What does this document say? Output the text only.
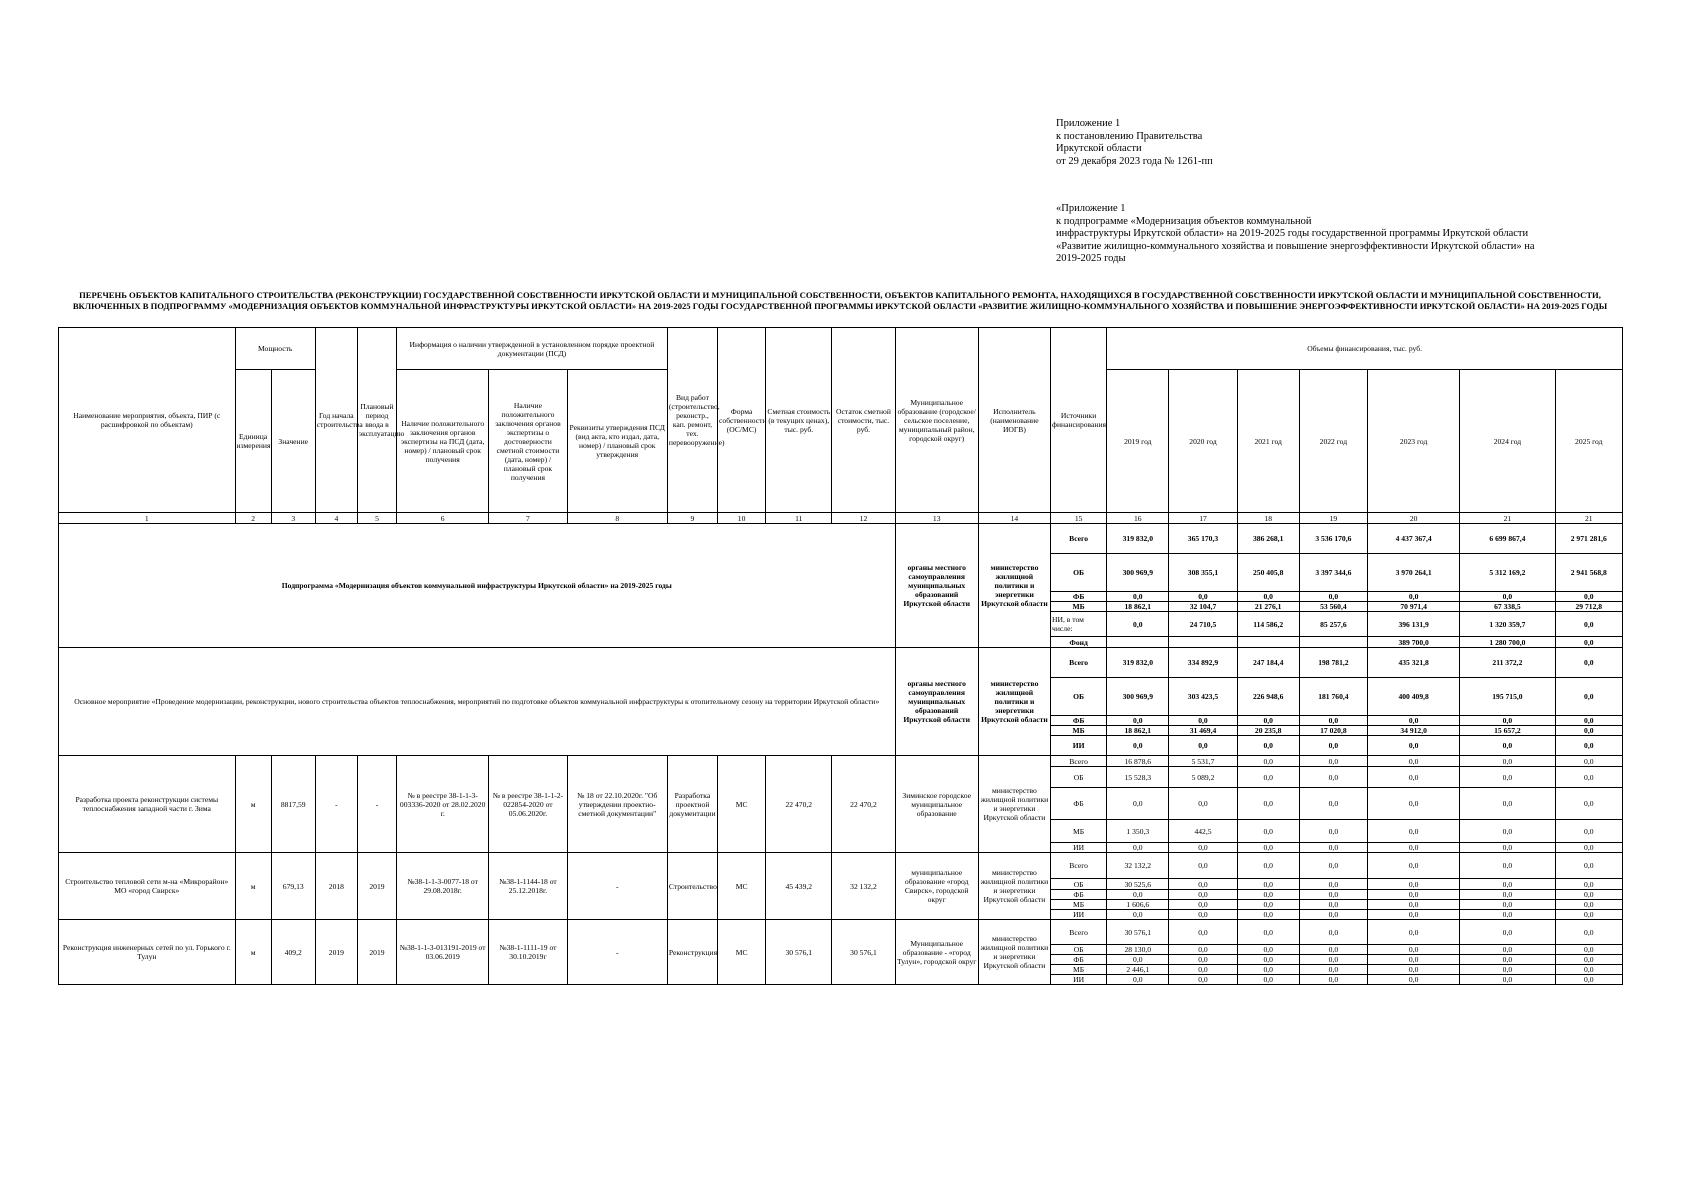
Приложение 1
к постановлению Правительства
Иркутской области
от 29 декабря 2023 года № 1261-пп
«Приложение 1
к подпрограмме «Модернизация объектов коммунальной
инфраструктуры Иркутской области» на 2019-2025 годы государственной программы Иркутской области
«Развитие жилищно-коммунального хозяйства и повышение энергоэффективности Иркутской области» на
2019-2025 годы
ПЕРЕЧЕНЬ ОБЪЕКТОВ КАПИТАЛЬНОГО СТРОИТЕЛЬСТВА (РЕКОНСТРУКЦИИ) ГОСУДАРСТВЕННОЙ СОБСТВЕННОСТИ ИРКУТСКОЙ ОБЛАСТИ И МУНИЦИПАЛЬНОЙ СОБСТВЕННОСТИ, ОБЪЕКТОВ КАПИТАЛЬНОГО РЕМОНТА, НАХОДЯЩИХСЯ В ГОСУДАРСТВЕННОЙ СОБСТВЕННОСТИ ИРКУТСКОЙ ОБЛАСТИ И МУНИЦИПАЛЬНОЙ СОБСТВЕННОСТИ, ВКЛЮЧЕННЫХ В ПОДПРОГРАММУ «МОДЕРНИЗАЦИЯ ОБЪЕКТОВ КОММУНАЛЬНОЙ ИНФРАСТРУКТУРЫ ИРКУТСКОЙ ОБЛАСТИ» НА 2019-2025 ГОДЫ ГОСУДАРСТВЕННОЙ ПРОГРАММЫ ИРКУТСКОЙ ОБЛАСТИ «РАЗВИТИЕ ЖИЛИЩНО-КОММУНАЛЬНОГО ХОЗЯЙСТВА И ПОВЫШЕНИЕ ЭНЕРГОЭФФЕКТИВНОСТИ ИРКУТСКОЙ ОБЛАСТИ» НА 2019-2025 ГОДЫ
Наименование мероприятия, объекта, ПИР (с расшифровкой по объектам)	Мощность		Год начала строительства	Плановый период ввода в эксплуатацию	Информация о наличии утвержденной в установленном порядке проектной документации (ПСД)			Вид работ (строительство, реконстр., кап. ремонт, тех. перевооружение)	Форма собственности (ОС/МС)	Сметная стоимость (в текущих ценах), тыс. руб.	Остаток сметной стоимости, тыс. руб.	Муниципальное образование (городское/сельское поселение, муниципальный район, городской округ)	Исполнитель (наименование ИОГВ)	Источники финансирования	Объемы финансирования, тыс. руб.						
	Единица измерения	Значение			Наличие положительного заключения органов экспертизы на ПСД (дата, номер) / плановый срок получения	Наличие положительного заключения органов экспертизы о достоверности сметной стоимости (дата, номер) / плановый срок получения	Реквизиты утверждения ПСД (вид акта, кто издал, дата, номер) / плановый срок утверждения								2019 год	2020 год	2021 год	2022 год	2023 год	2024 год	2025 год
1	2	3	4	5	6	7	8	9	10	11	12	13	14	15	16	17	18	19	20	21	21
Подпрограмма «Модернизация объектов коммунальной инфраструктуры Иркутской области» на 2019-2025 годы												органы местного самоуправления муниципальных образований Иркутской области	министерство жилищной политики и энергетики Иркутской области	Всего	319 832,0	365 170,3	386 268,1	3 536 170,6	4 437 367,4	6 699 867,4	2 971 281,6
														ОБ	300 969,9	308 355,1	250 405,8	3 397 344,6	3 970 264,1	5 312 169,2	2 941 568,8
														ФБ	0,0	0,0	0,0	0,0	0,0	0,0	0,0
														МБ	18 862,1	32 104,7	21 276,1	53 560,4	70 971,4	67 338,5	29 712,8
														НИ, в том числе:	0,0	24 710,5	114 586,2	85 257,6	396 131,9	1 320 359,7	0,0
														Фонд					389 700,0	1 280 700,0	0,0
Основное мероприятие «Проведение модернизации, реконструкции, нового строительства объектов теплоснабжения, мероприятий по подготовке объектов коммунальной инфраструктуры к отопительному сезону на территории Иркутской области»												органы местного самоуправления муниципальных образований Иркутской области	министерство жилищной политики и энергетики Иркутской области	Всего	319 832,0	334 892,9	247 184,4	198 781,2	435 321,8	211 372,2	0,0
														ОБ	300 969,9	303 423,5	226 948,6	181 760,4	400 409,8	195 715,0	0,0
														ФБ	0,0	0,0	0,0	0,0	0,0	0,0	0,0
														МБ	18 862,1	31 469,4	20 235,8	17 020,8	34 912,0	15 657,2	0,0
														ИИ	0,0	0,0	0,0	0,0	0,0	0,0	0,0
Разработка проекта реконструкции системы теплоснабжения западной части г. Зима	м	8817,59	-	-	№ в реестре 38-1-1-3-003336-2020 от 28.02.2020 г.	№ в реестре 38-1-1-2-022854-2020 от 05.06.2020г.	№ 18 от 22.10.2020г. "Об утверждении проектно-сметной документации"	Разработка проектной документации	МС	22 470,2	22 470,2	Зиминское городское муниципальное образование	министерство жилищной политики и энергетики Иркутской области	Всего	16 878,6	5 531,7	0,0	0,0	0,0	0,0	0,0
														ОБ	15 528,3	5 089,2	0,0	0,0	0,0	0,0	0,0
														ФБ	0,0	0,0	0,0	0,0	0,0	0,0	0,0
														МБ	1 350,3	442,5	0,0	0,0	0,0	0,0	0,0
														ИИ	0,0	0,0	0,0	0,0	0,0	0,0	0,0
Строительство тепловой сети м-на «Микрорайон» МО «город Свирск»	м	679,13	2018	2019	№38-1-1-3-0077-18 от 29.08.2018г.	№38-1-1144-18 от 25.12.2018г.	-	Строительство	МС	45 439,2	32 132,2	муниципальное образование «город Свирск», городской округ	министерство жилищной политики и энергетики Иркутской области	Всего	32 132,2	0,0	0,0	0,0	0,0	0,0	0,0
														ОБ	30 525,6	0,0	0,0	0,0	0,0	0,0	0,0
														ФБ	0,0	0,0	0,0	0,0	0,0	0,0	0,0
														МБ	1 606,6	0,0	0,0	0,0	0,0	0,0	0,0
														ИИ	0,0	0,0	0,0	0,0	0,0	0,0	0,0
Реконструкция инженерных сетей по ул. Горького г. Тулун	м	409,2	2019	2019	№38-1-1-3-013191-2019 от 03.06.2019	№38-1-1111-19 от 30.10.2019г	-	Реконструкция	МС	30 576,1	30 576,1	Муниципальное образование - «город Тулун», городской округ	министерство жилищной политики и энергетики Иркутской области	Всего	30 576,1	0,0	0,0	0,0	0,0	0,0	0,0
														ОБ	28 130,0	0,0	0,0	0,0	0,0	0,0	0,0
														ФБ	0,0	0,0	0,0	0,0	0,0	0,0	0,0
														МБ	2 446,1	0,0	0,0	0,0	0,0	0,0	0,0
														ИИ	0,0	0,0	0,0	0,0	0,0	0,0	0,0
